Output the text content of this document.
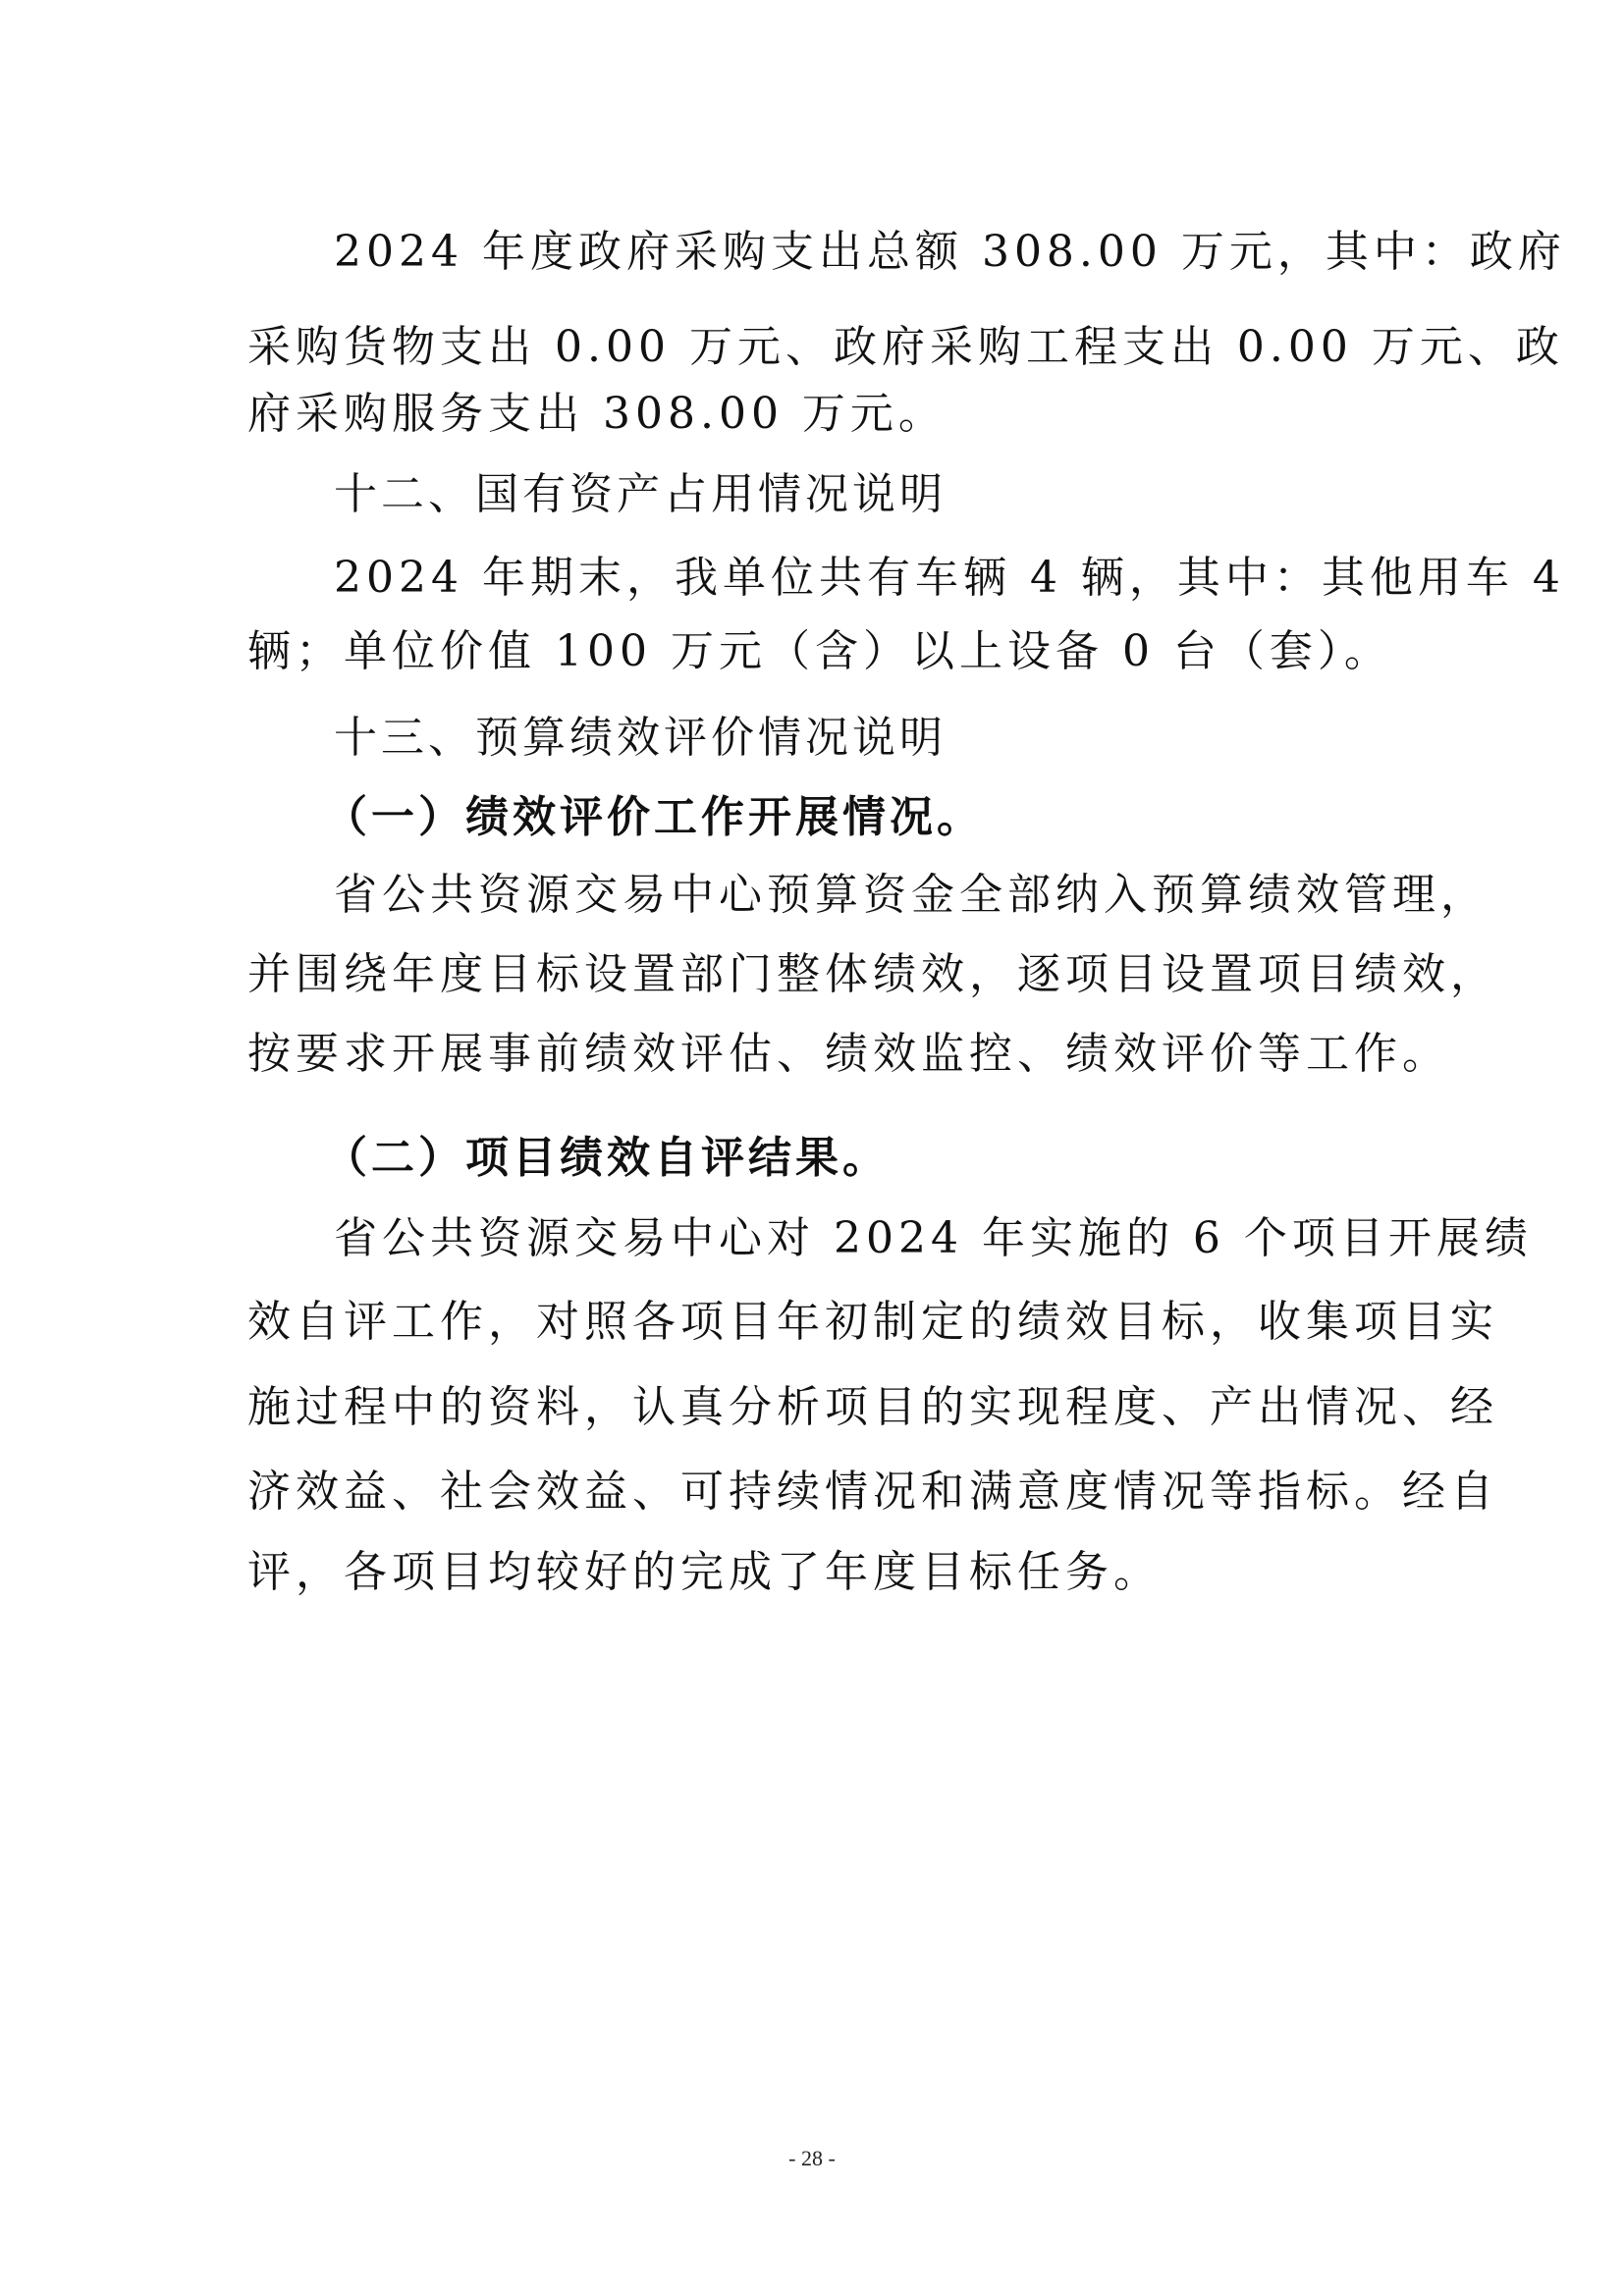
2024 年度政府采购支出总额 308.00 万元，其中：政府
采购货物支出 0.00 万元、政府采购工程支出 0.00 万元、政
府采购服务支出 308.00 万元。
十二、国有资产占用情况说明
2024 年期末，我单位共有车辆 4 辆，其中：其他用车 4
辆；单位价值 100 万元（含）以上设备 0 台（套）。
十三、预算绩效评价情况说明
（一）绩效评价工作开展情况。
省公共资源交易中心预算资金全部纳入预算绩效管理，
并围绕年度目标设置部门整体绩效，逐项目设置项目绩效，
按要求开展事前绩效评估、绩效监控、绩效评价等工作。
（二）项目绩效自评结果。
省公共资源交易中心对 2024 年实施的 6 个项目开展绩
效自评工作，对照各项目年初制定的绩效目标，收集项目实
施过程中的资料，认真分析项目的实现程度、产出情况、经
济效益、社会效益、可持续情况和满意度情况等指标。经自
评，各项目均较好的完成了年度目标任务。
- 28 -
